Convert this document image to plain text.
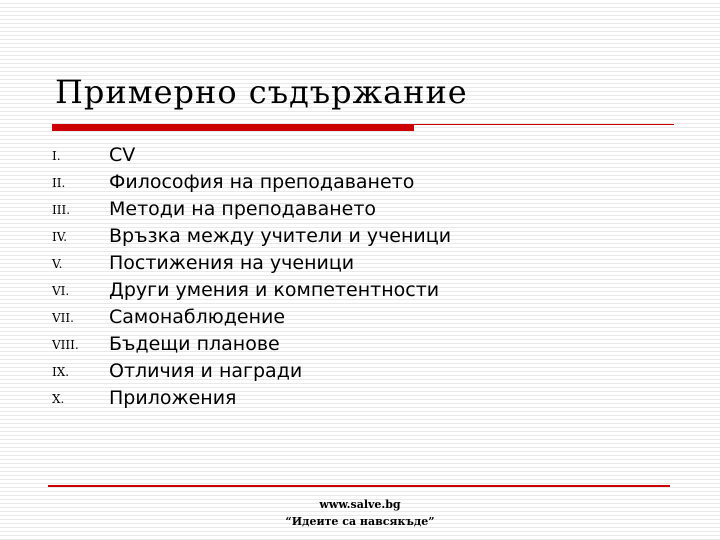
Примерно съдържание
I.	CV
II. Философия на преподаването
III. Методи на преподаването
IV. Връзка между учители и ученици
V. Постижения на ученици
VI. Други умения и компетентности
VII. Самонаблюдение
VIII. Бъдещи планове
IX. Отличия и награди
X. Приложения
www.salve.bg
“Идеите са навсякъде”
